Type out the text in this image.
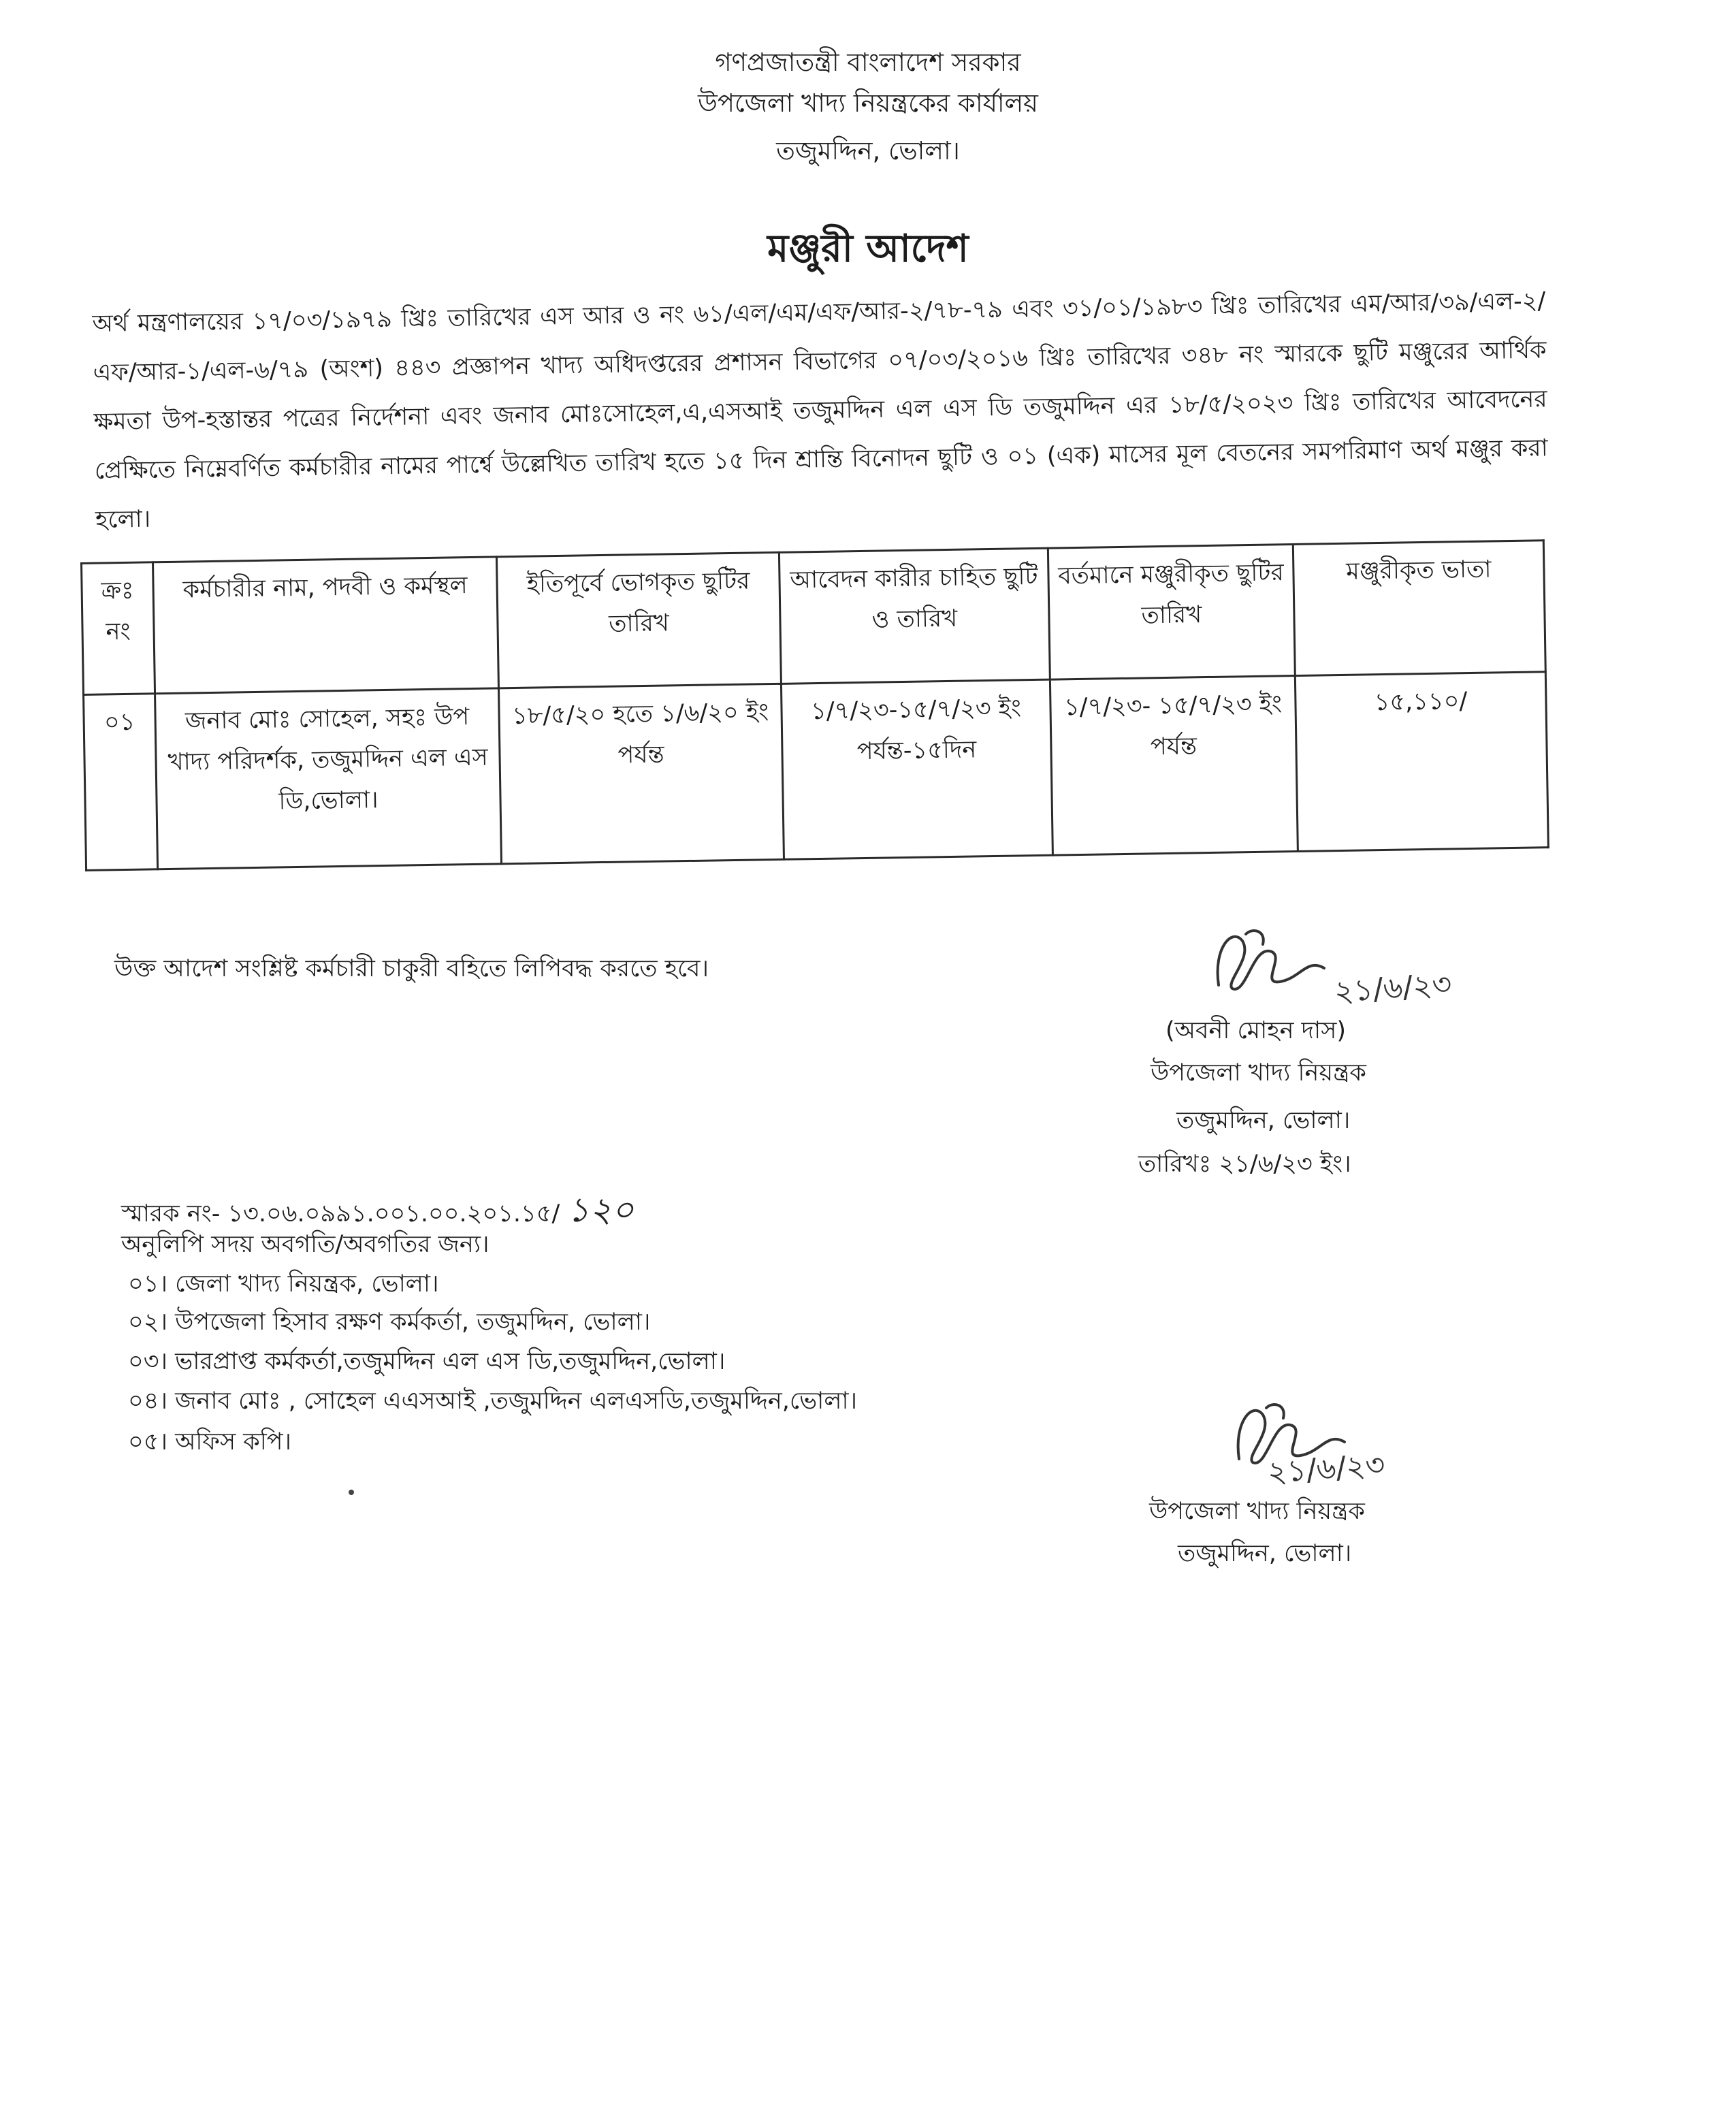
গণপ্রজাতন্ত্রী বাংলাদেশ সরকার
উপজেলা খাদ্য নিয়ন্ত্রকের কার্যালয়
তজুমদ্দিন, ভোলা।
মঞ্জুরী আদেশ
অর্থ মন্ত্রণালয়ের ১৭/০৩/১৯৭৯ খ্রিঃ তারিখের এস আর ও নং ৬১/এল/এম/এফ/আর-২/৭৮-৭৯ এবং ৩১/০১/১৯৮৩ খ্রিঃ তারিখের এম/আর/৩৯/এল-২/এফ/আর-১/এল-৬/৭৯ (অংশ) ৪৪৩ প্রজ্ঞাপন খাদ্য অধিদপ্তরের প্রশাসন বিভাগের ০৭/০৩/২০১৬ খ্রিঃ তারিখের ৩৪৮ নং স্মারকে ছুটি মঞ্জুরের আর্থিক ক্ষমতা উপ-হস্তান্তর পত্রের নির্দেশনা এবং জনাব মোঃসোহেল,এ,এসআই তজুমদ্দিন এল এস ডি তজুমদ্দিন এর ১৮/৫/২০২৩ খ্রিঃ তারিখের আবেদনের প্রেক্ষিতে নিম্নেবর্ণিত কর্মচারীর নামের পার্শ্বে উল্লেখিত তারিখ হতে ১৫ দিন শ্রান্তি বিনোদন ছুটি ও ০১ (এক) মাসের মূল বেতনের সমপরিমাণ অর্থ মঞ্জুর করা হলো।
ক্রঃ নং	কর্মচারীর নাম, পদবী ও কর্মস্থল	ইতিপূর্বে ভোগকৃত ছুটির তারিখ	আবেদন কারীর চাহিত ছুটি ও তারিখ	বর্তমানে মঞ্জুরীকৃত ছুটির তারিখ	মঞ্জুরীকৃত ভাতা
০১	জনাব মোঃ সোহেল, সহঃ উপ খাদ্য পরিদর্শক, তজুমদ্দিন এল এস ডি,ভোলা।	১৮/৫/২০ হতে ১/৬/২০ ইং পর্যন্ত	১/৭/২৩-১৫/৭/২৩ ইং পর্যন্ত-১৫দিন	১/৭/২৩- ১৫/৭/২৩ ইং পর্যন্ত	১৫,১১০/
উক্ত আদেশ সংশ্লিষ্ট কর্মচারী চাকুরী বহিতে লিপিবদ্ধ করতে হবে।	২১/৬/২৩
(অবনী মোহন দাস)
উপজেলা খাদ্য নিয়ন্ত্রক
তজুমদ্দিন, ভোলা।
তারিখঃ ২১/৬/২৩ ইং।
স্মারক নং- ১৩.০৬.০৯৯১.০০১.০০.২০১.১৫/ ১২০
অনুলিপি সদয় অবগতি/অবগতির জন্য।
০১। জেলা খাদ্য নিয়ন্ত্রক, ভোলা।
০২। উপজেলা হিসাব রক্ষণ কর্মকর্তা, তজুমদ্দিন, ভোলা।
০৩। ভারপ্রাপ্ত কর্মকর্তা,তজুমদ্দিন এল এস ডি,তজুমদ্দিন,ভোলা।
০৪। জনাব মোঃ , সোহেল এএসআই ,তজুমদ্দিন এলএসডি,তজুমদ্দিন,ভোলা।
০৫। অফিস কপি।
২১/৬/২৩
উপজেলা খাদ্য নিয়ন্ত্রক
তজুমদ্দিন, ভোলা।
